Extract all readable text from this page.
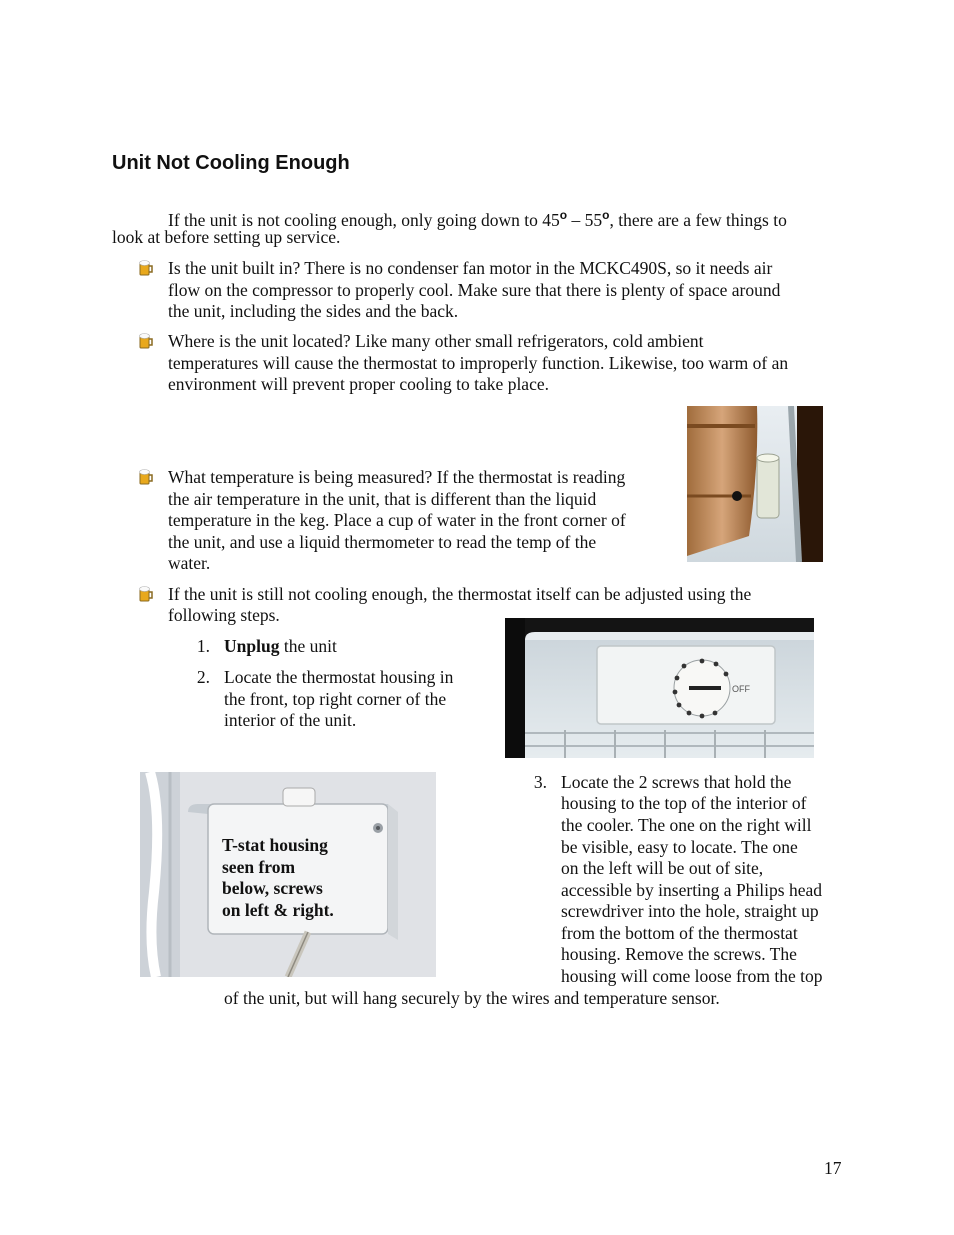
Unit Not Cooling Enough
If the unit is not cooling enough, only going down to 45$^o$ – 55$^o$, there are a few things to
look at before setting up service.
Is the unit built in? There is no condenser fan motor in the MCKC490S, so it needs air
flow on the compressor to properly cool. Make sure that there is plenty of space around
the unit, including the sides and the back.
Where is the unit located? Like many other small refrigerators, cold ambient
temperatures will cause the thermostat to improperly function. Likewise, too warm of an
environment will prevent proper cooling to take place.
What temperature is being measured? If the thermostat is reading
the air temperature in the unit, that is different than the liquid
temperature in the keg. Place a cup of water in the front corner of
the unit, and use a liquid thermometer to read the temp of the
water.
If the unit is still not cooling enough, the thermostat itself can be adjusted using the
following steps.
1. Unplug the unit
2. Locate the thermostat housing in
the front, top right corner of the
interior of the unit.
OFF
T-stat housing
seen from
below, screws
on left & right.
3. Locate the 2 screws that hold the
housing to the top of the interior of
the cooler. The one on the right will
be visible, easy to locate. The one
on the left will be out of site,
accessible by inserting a Philips head
screwdriver into the hole, straight up
from the bottom of the thermostat
housing. Remove the screws. The
housing will come loose from the top
of the unit, but will hang securely by the wires and temperature sensor.
17
